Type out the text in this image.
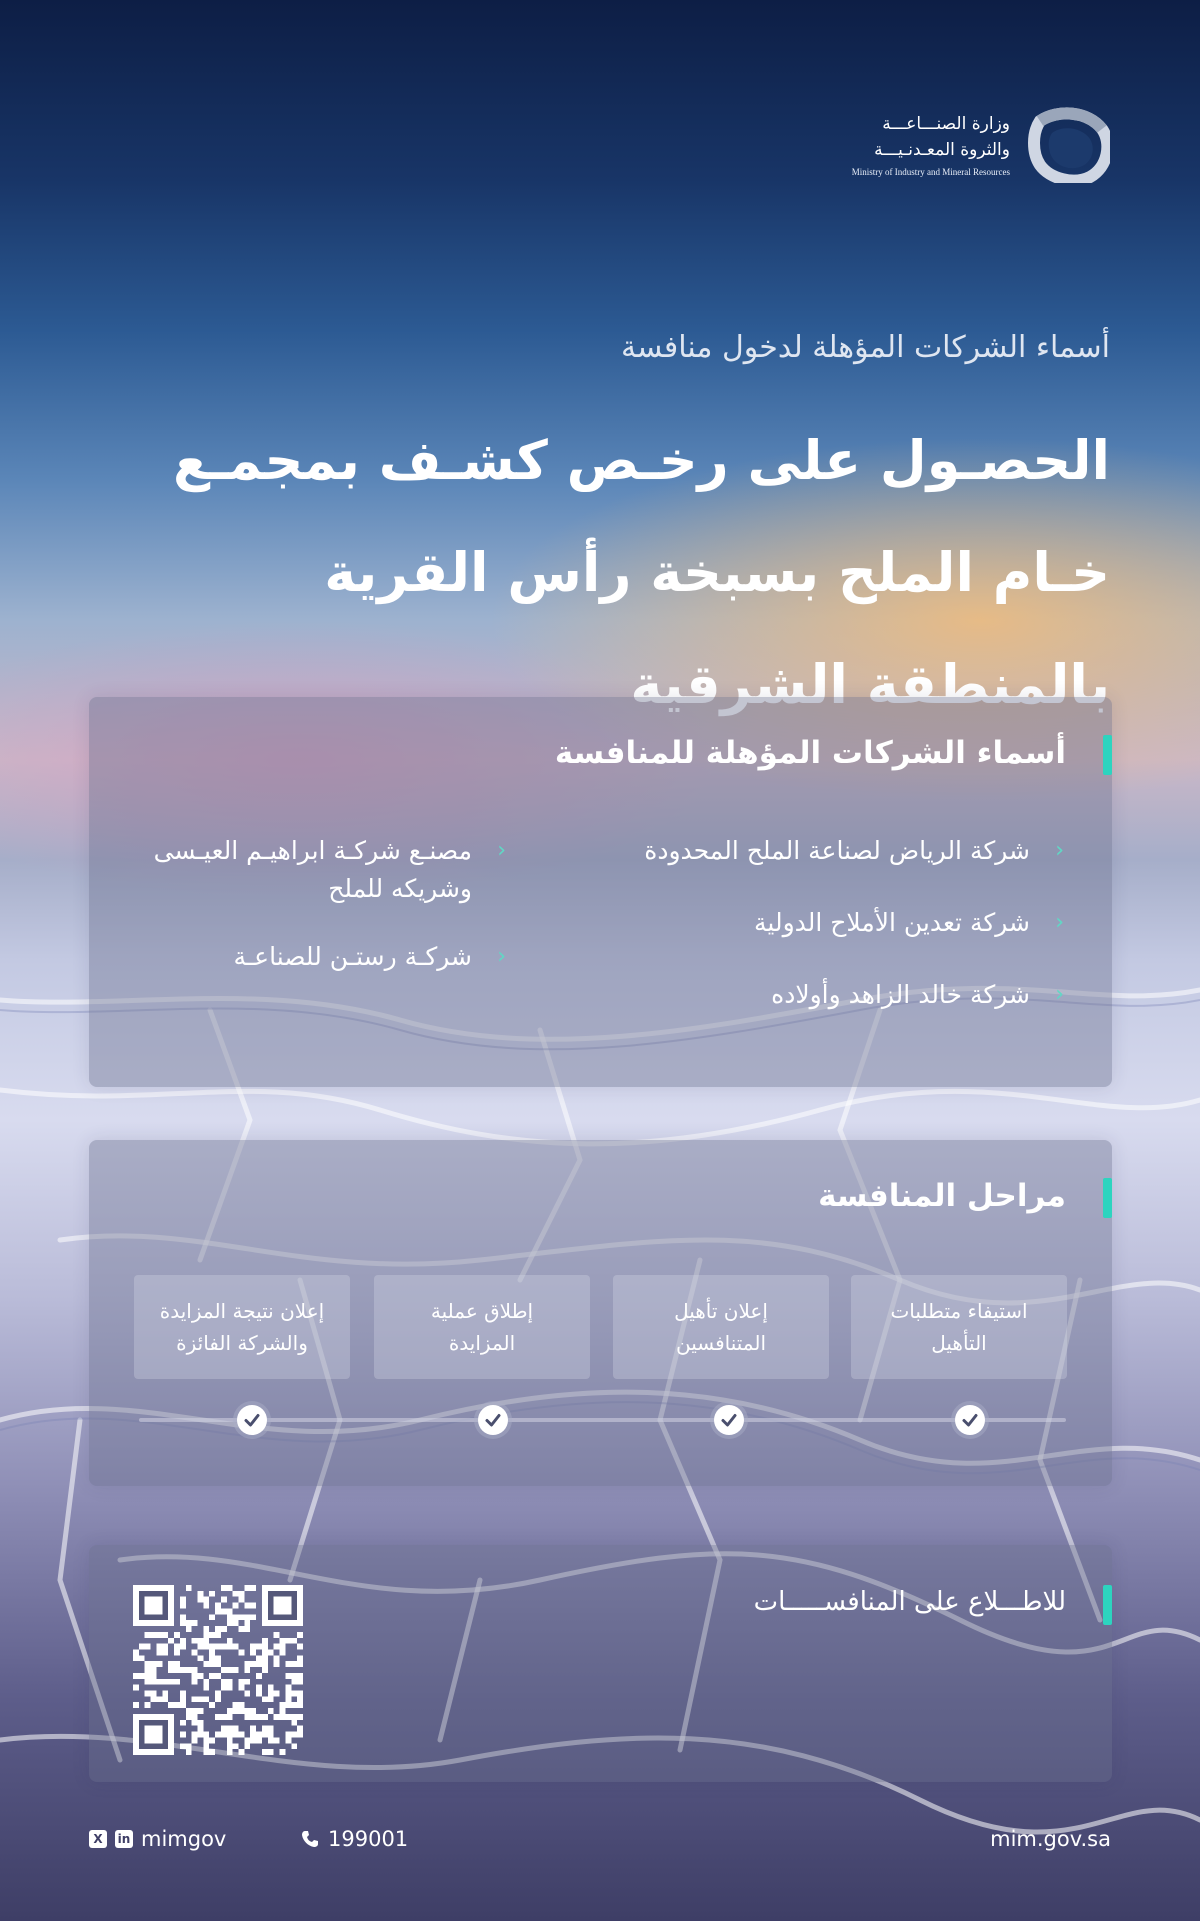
وزارة الصنـــاعـــة
والثروة المعـدنـيـــة
Ministry of Industry and Mineral Resources
أسماء الشركات المؤهلة لدخول منافسة
الحصـول على رخـص كشـف بمجمـع خـام الملح بسبخة رأس القرية بالمنطقة الشرقية
أسماء الشركات المؤهلة للمنافسة
‹
شركة الرياض لصناعة الملح المحدودة
‹
شركة تعدين الأملاح الدولية
‹
شركة خالد الزاهد وأولاده
‹
مصنـع شركـة ابراهيـم العيـسى وشريكه للملح
‹
شركـة رستـن للصناعـة
مراحل المنافسة
استيفاء متطلبات
التأهيل
إعلان تأهيل
المتنافسين
إطلاق عملية
المزايدة
إعلان نتيجة المزايدة
والشركة الفائزة
للاطـــلاع على المنافســـــات
X	in mimgov	199001	mim.gov.sa
